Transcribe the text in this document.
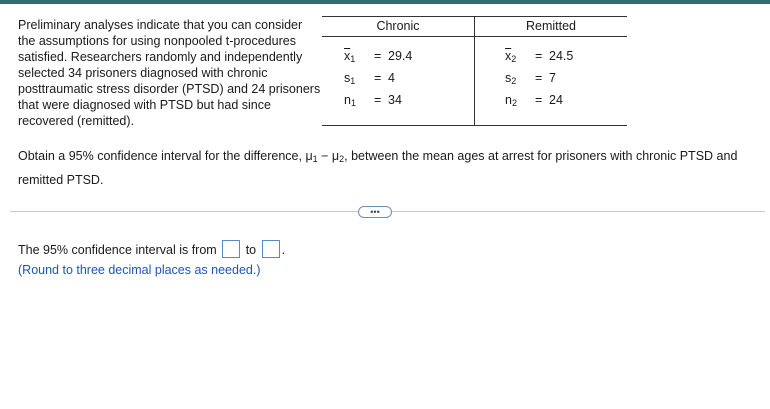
Preliminary analyses indicate that you can consider the assumptions for using nonpooled t-procedures satisfied. Researchers randomly and independently selected 34 prisoners diagnosed with chronic posttraumatic stress disorder (PTSD) and 24 prisoners that were diagnosed with PTSD but had since recovered (remitted).

Chronic	Remitted
$\overline{x}_1 = 29.4$
$s_1 = 4$
$n_1 = 34$
$\overline{x}_2 = 24.5$
$s_2 = 7$
$n_2 = 24$

Obtain a 95% confidence interval for the difference, $\mu_1 - \mu_2$, between the mean ages at arrest for prisoners with chronic PTSD and remitted PTSD.

•••
The 95% confidence interval is from to .
(Round to three decimal places as needed.)
